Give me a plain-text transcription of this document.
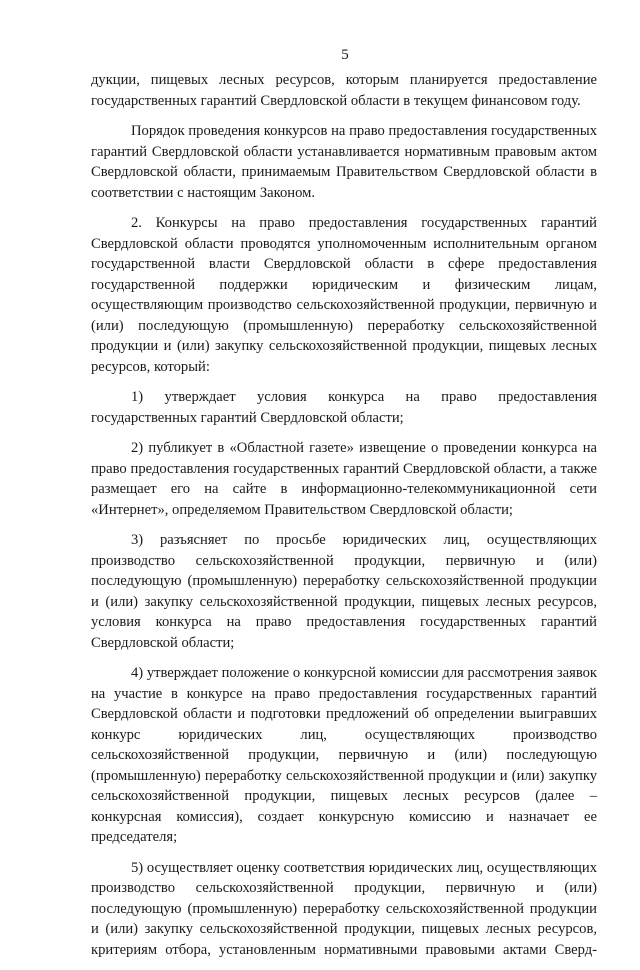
5

дукции, пищевых лесных ресурсов, которым планируется предоставление государственных гарантий Свердловской области в текущем финансовом году.

Порядок проведения конкурсов на право предоставления государственных гарантий Свердловской области устанавливается нормативным правовым актом Свердловской области, принимаемым Правительством Свердловской области в соответствии с настоящим Законом.

2. Конкурсы на право предоставления государственных гарантий Свердловской области проводятся уполномоченным исполнительным органом государственной власти Свердловской области в сфере предоставления государственной поддержки юридическим и физическим лицам, осуществляющим производство сельскохозяйственной продукции, первичную и (или) последующую (промышленную) переработку сельскохозяйственной продукции и (или) закупку сельскохозяйственной продукции, пищевых лесных ресурсов, который:

1) утверждает условия конкурса на право предоставления государственных гарантий Свердловской области;

2) публикует в «Областной газете» извещение о проведении конкурса на право предоставления государственных гарантий Свердловской области, а также размещает его на сайте в информационно-телекоммуникационной сети «Интернет», определяемом Правительством Свердловской области;

3) разъясняет по просьбе юридических лиц, осуществляющих производство сельскохозяйственной продукции, первичную и (или) последующую (промышленную) переработку сельскохозяйственной продукции и (или) закупку сельскохозяйственной продукции, пищевых лесных ресурсов, условия конкурса на право предоставления государственных гарантий Свердловской области;

4) утверждает положение о конкурсной комиссии для рассмотрения заявок на участие в конкурсе на право предоставления государственных гарантий Свердловской области и подготовки предложений об определении выигравших конкурс юридических лиц, осуществляющих производство сельскохозяйственной продукции, первичную и (или) последующую (промышленную) переработку сельскохозяйственной продукции и (или) закупку сельскохозяйственной продукции, пищевых лесных ресурсов (далее – конкурсная комиссия), создает конкурсную комиссию и назначает ее председателя;

5) осуществляет оценку соответствия юридических лиц, осуществляющих производство сельскохозяйственной продукции, первичную и (или) последующую (промышленную) переработку сельскохозяйственной продукции и (или) закупку сельскохозяйственной продукции, пищевых лесных ресурсов, критериям отбора, установленным нормативными правовыми актами Сверд-
